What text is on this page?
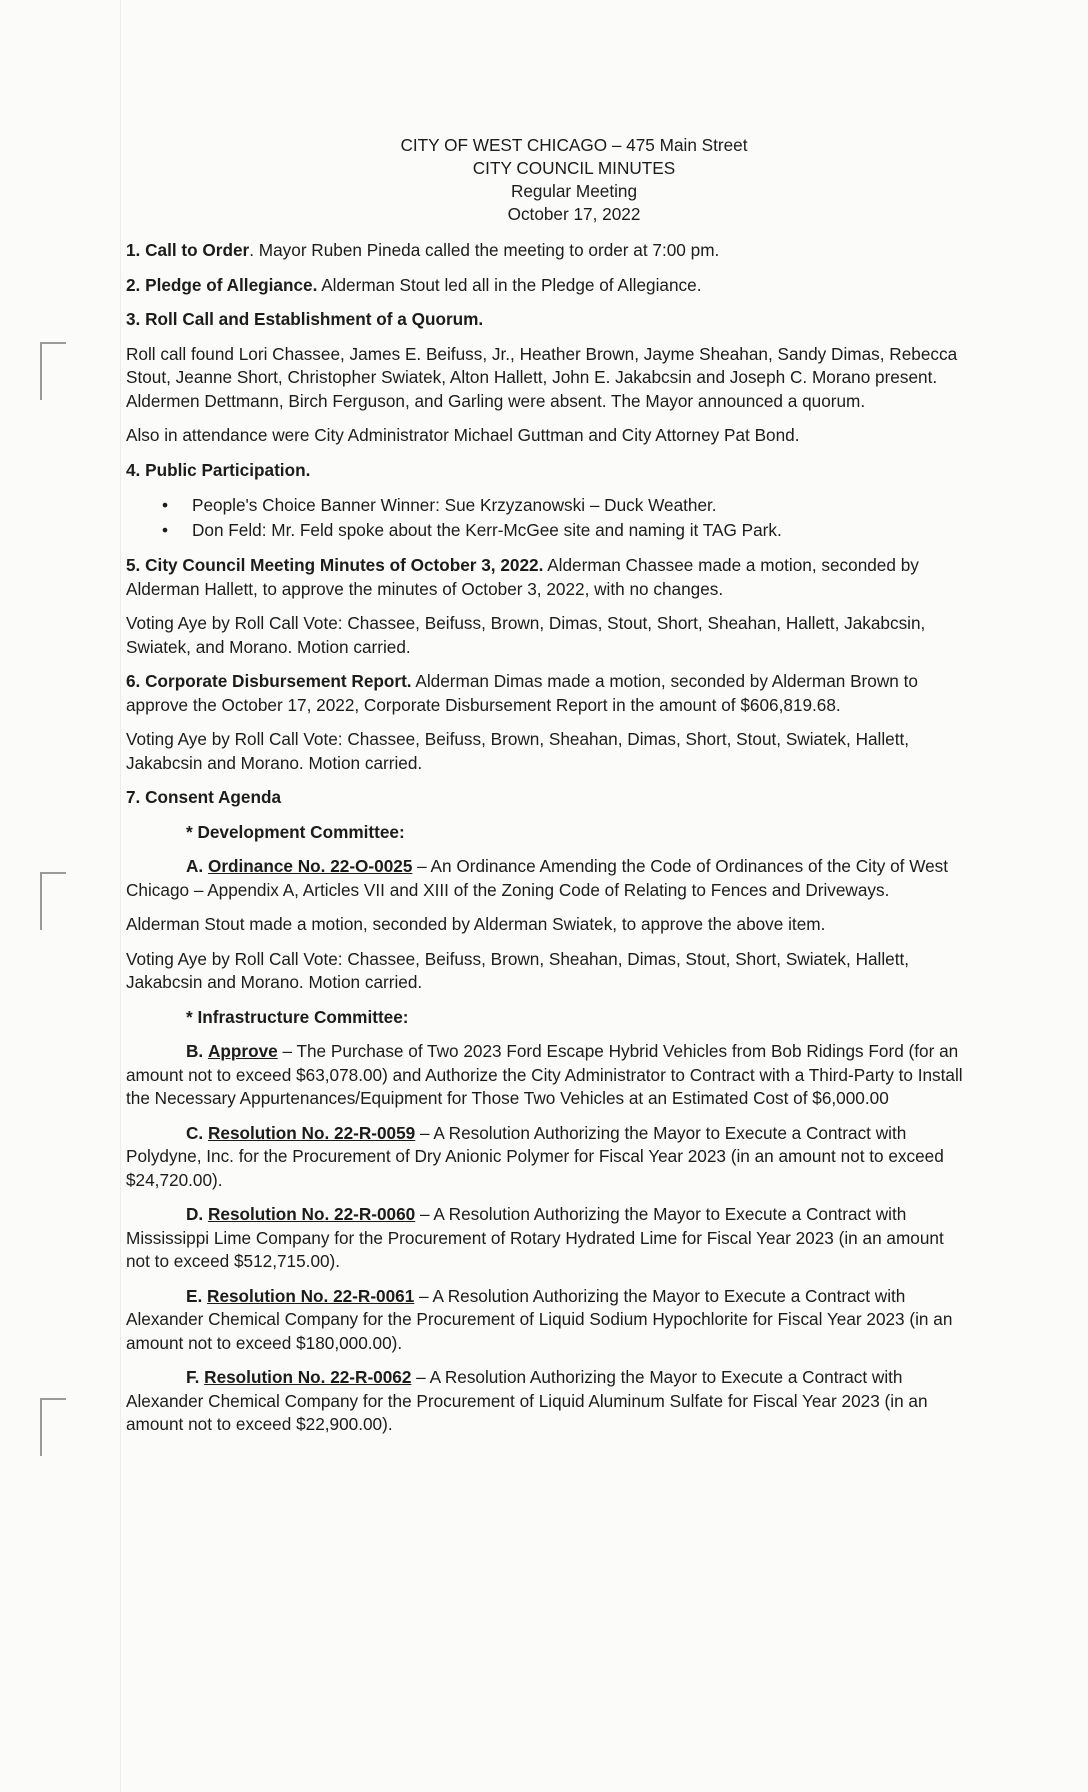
CITY OF WEST CHICAGO – 475 Main Street
CITY COUNCIL MINUTES
Regular Meeting
October 17, 2022

1. Call to Order. Mayor Ruben Pineda called the meeting to order at 7:00 pm.

2. Pledge of Allegiance. Alderman Stout led all in the Pledge of Allegiance.

3. Roll Call and Establishment of a Quorum.

Roll call found Lori Chassee, James E. Beifuss, Jr., Heather Brown, Jayme Sheahan, Sandy Dimas, Rebecca Stout, Jeanne Short, Christopher Swiatek, Alton Hallett, John E. Jakabcsin and Joseph C. Morano present. Aldermen Dettmann, Birch Ferguson, and Garling were absent. The Mayor announced a quorum.

Also in attendance were City Administrator Michael Guttman and City Attorney Pat Bond.

4. Public Participation.

• People's Choice Banner Winner: Sue Krzyzanowski – Duck Weather.
• Don Feld: Mr. Feld spoke about the Kerr-McGee site and naming it TAG Park.

5. City Council Meeting Minutes of October 3, 2022. Alderman Chassee made a motion, seconded by Alderman Hallett, to approve the minutes of October 3, 2022, with no changes.

Voting Aye by Roll Call Vote: Chassee, Beifuss, Brown, Dimas, Stout, Short, Sheahan, Hallett, Jakabcsin, Swiatek, and Morano. Motion carried.

6. Corporate Disbursement Report. Alderman Dimas made a motion, seconded by Alderman Brown to approve the October 17, 2022, Corporate Disbursement Report in the amount of $606,819.68.

Voting Aye by Roll Call Vote: Chassee, Beifuss, Brown, Sheahan, Dimas, Short, Stout, Swiatek, Hallett, Jakabcsin and Morano. Motion carried.

7. Consent Agenda

* Development Committee:

A. Ordinance No. 22-O-0025 – An Ordinance Amending the Code of Ordinances of the City of West Chicago – Appendix A, Articles VII and XIII of the Zoning Code of Relating to Fences and Driveways.

Alderman Stout made a motion, seconded by Alderman Swiatek, to approve the above item.

Voting Aye by Roll Call Vote: Chassee, Beifuss, Brown, Sheahan, Dimas, Stout, Short, Swiatek, Hallett, Jakabcsin and Morano. Motion carried.

* Infrastructure Committee:

B. Approve – The Purchase of Two 2023 Ford Escape Hybrid Vehicles from Bob Ridings Ford (for an amount not to exceed $63,078.00) and Authorize the City Administrator to Contract with a Third-Party to Install the Necessary Appurtenances/Equipment for Those Two Vehicles at an Estimated Cost of $6,000.00

C. Resolution No. 22-R-0059 – A Resolution Authorizing the Mayor to Execute a Contract with Polydyne, Inc. for the Procurement of Dry Anionic Polymer for Fiscal Year 2023 (in an amount not to exceed $24,720.00).

D. Resolution No. 22-R-0060 – A Resolution Authorizing the Mayor to Execute a Contract with Mississippi Lime Company for the Procurement of Rotary Hydrated Lime for Fiscal Year 2023 (in an amount not to exceed $512,715.00).

E. Resolution No. 22-R-0061 – A Resolution Authorizing the Mayor to Execute a Contract with Alexander Chemical Company for the Procurement of Liquid Sodium Hypochlorite for Fiscal Year 2023 (in an amount not to exceed $180,000.00).

F. Resolution No. 22-R-0062 – A Resolution Authorizing the Mayor to Execute a Contract with Alexander Chemical Company for the Procurement of Liquid Aluminum Sulfate for Fiscal Year 2023 (in an amount not to exceed $22,900.00).
